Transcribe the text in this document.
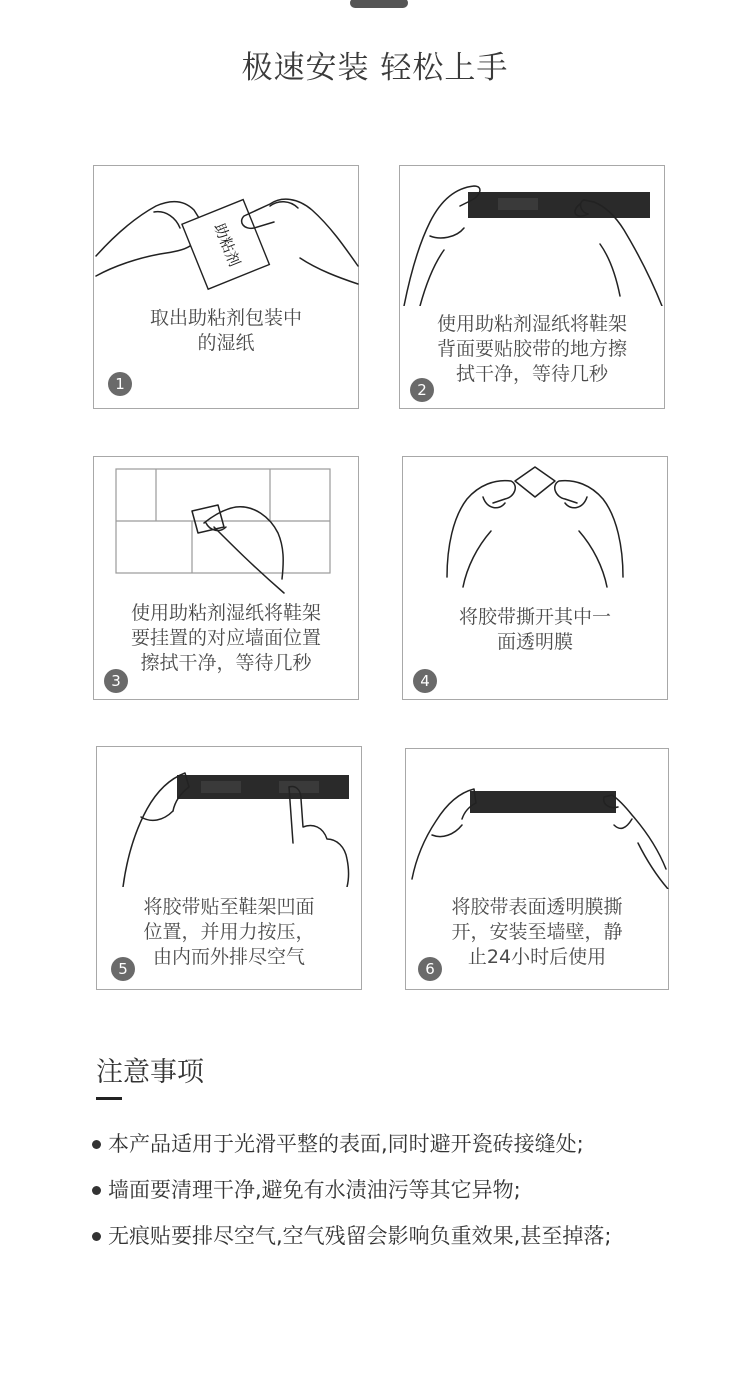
极速安装 轻松上手
助粘剂
取出助粘剂包装中
的湿纸
1
使用助粘剂湿纸将鞋架
背面要贴胶带的地方擦
拭干净，等待几秒
2
使用助粘剂湿纸将鞋架
要挂置的对应墙面位置
擦拭干净，等待几秒
3
将胶带撕开其中一
面透明膜
4
将胶带贴至鞋架凹面
位置，并用力按压，
由内而外排尽空气
5
将胶带表面透明膜撕
开，安装至墙壁，静
止24小时后使用
6
注意事项
本产品适用于光滑平整的表面,同时避开瓷砖接缝处;
墙面要清理干净,避免有水渍油污等其它异物;
无痕贴要排尽空气,空气残留会影响负重效果,甚至掉落;
